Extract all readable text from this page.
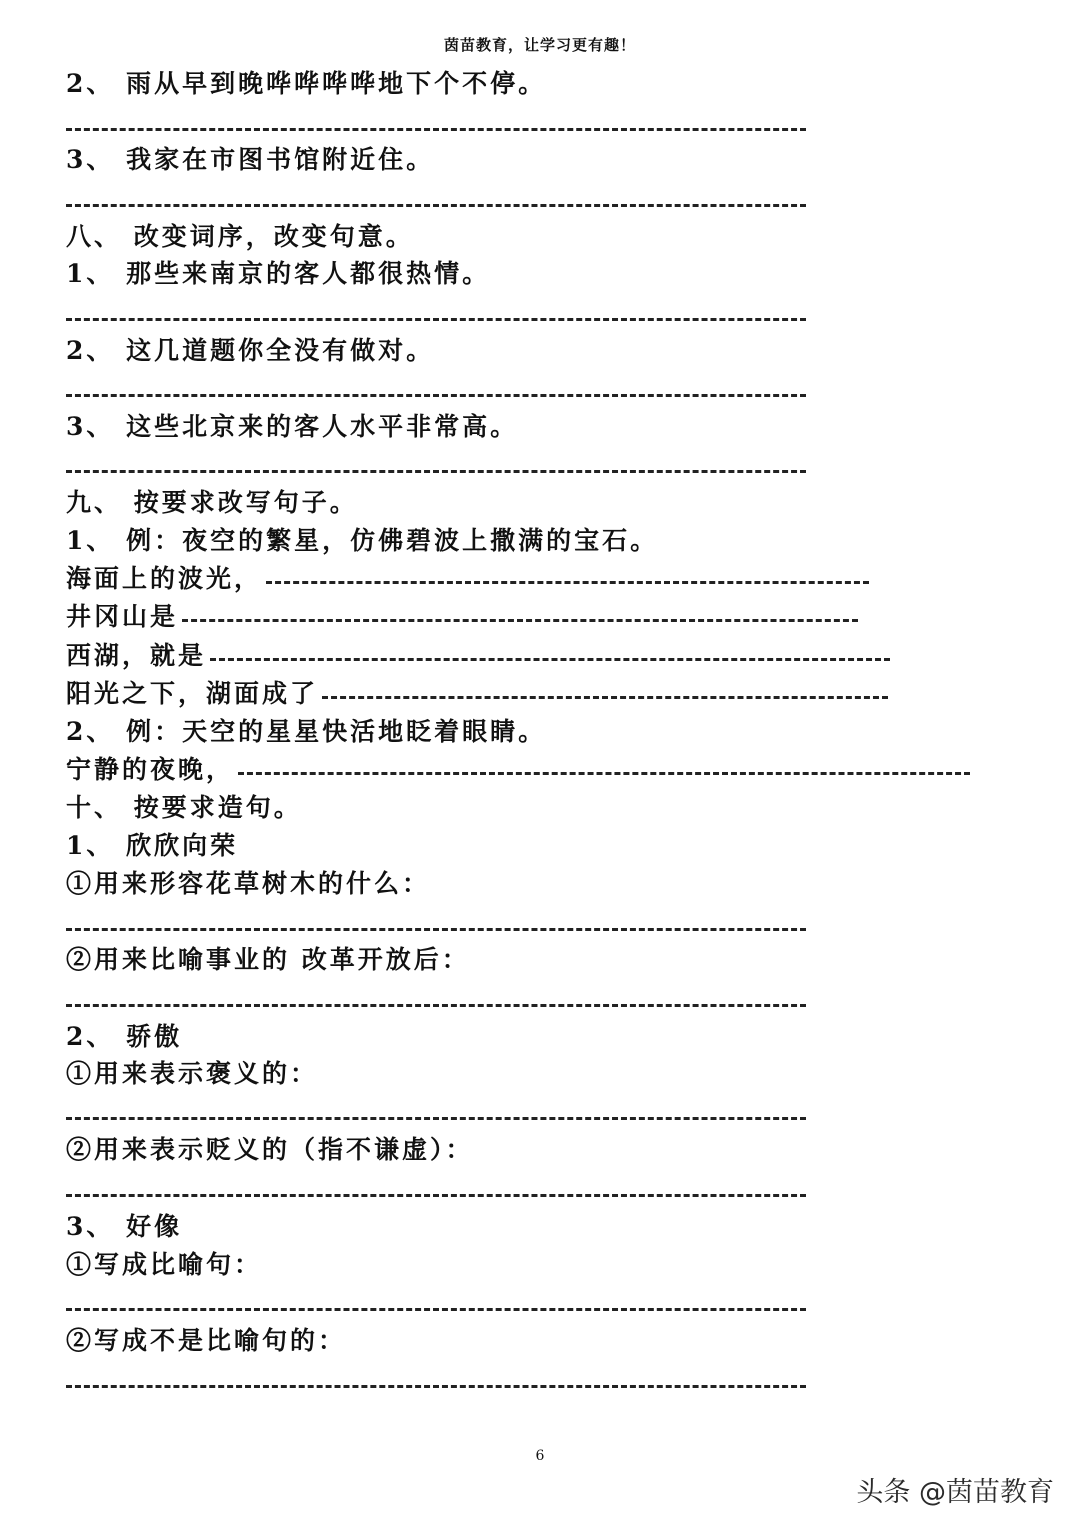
茵苗教育，让学习更有趣！
2、 雨从早到晚哗哗哗哗地下个不停。
3、 我家在市图书馆附近住。
八、 改变词序，改变句意。
1、 那些来南京的客人都很热情。
2、 这几道题你全没有做对。
3、 这些北京来的客人水平非常高。
九、 按要求改写句子。
1、 例：夜空的繁星，仿佛碧波上撒满的宝石。
海面上的波光，
井冈山是
西湖，就是
阳光之下，湖面成了
2、 例：天空的星星快活地眨着眼睛。
宁静的夜晚，
十、 按要求造句。
1、 欣欣向荣
①用来形容花草树木的什么：
②用来比喻事业的 改革开放后：
2、 骄傲
①用来表示褒义的：
②用来表示贬义的（指不谦虚）：
3、 好像
①写成比喻句：
②写成不是比喻句的：
6
头条 @茵苗教育
